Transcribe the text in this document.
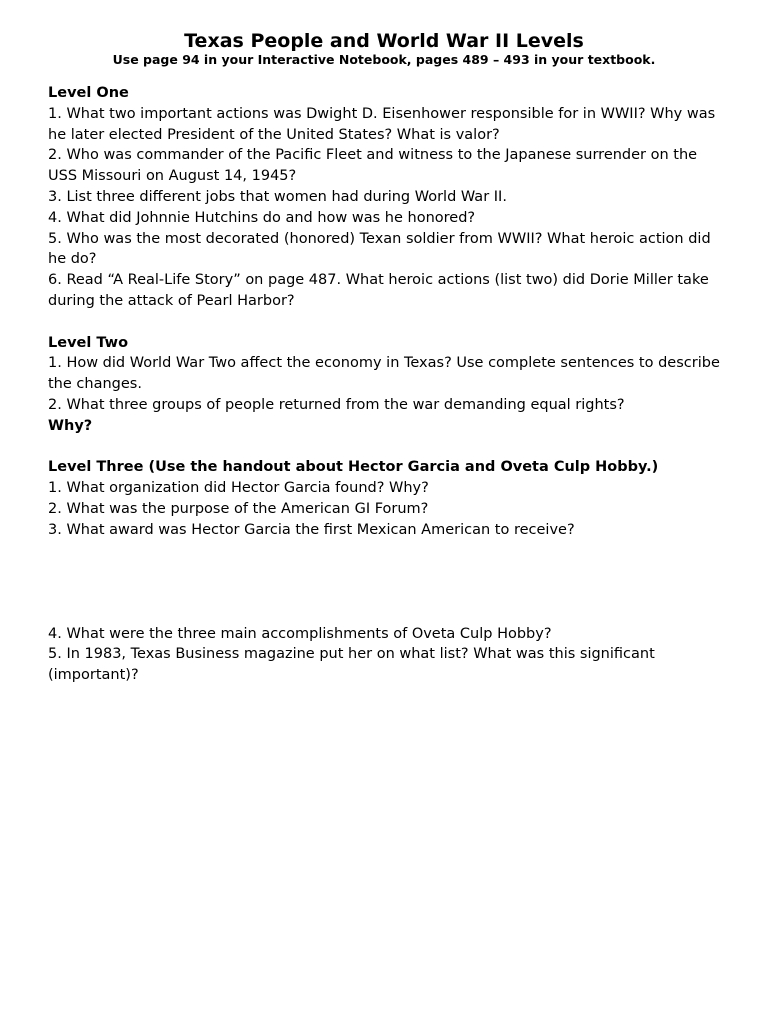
Texas People and World War II Levels
Use page 94 in your Interactive Notebook, pages 489 – 493 in your textbook.
Level One
1. What two important actions was Dwight D. Eisenhower responsible for in WWII? Why was he later elected President of the United States? What is valor?
2. Who was commander of the Pacific Fleet and witness to the Japanese surrender on the USS Missouri on August 14, 1945?
3. List three different jobs that women had during World War II.
4. What did Johnnie Hutchins do and how was he honored?
5. Who was the most decorated (honored) Texan soldier from WWII? What heroic action did he do?
6. Read “A Real-Life Story” on page 487. What heroic actions (list two) did Dorie Miller take during the attack of Pearl Harbor?
Level Two
1. How did World War Two affect the economy in Texas? Use complete sentences to describe the changes.
2. What three groups of people returned from the war demanding equal rights?
Why?
Level Three (Use the handout about Hector Garcia and Oveta Culp Hobby.)
1. What organization did Hector Garcia found? Why?
2. What was the purpose of the American GI Forum?
3. What award was Hector Garcia the first Mexican American to receive?
4. What were the three main accomplishments of Oveta Culp Hobby?
5. In 1983, Texas Business magazine put her on what list? What was this significant (important)?
